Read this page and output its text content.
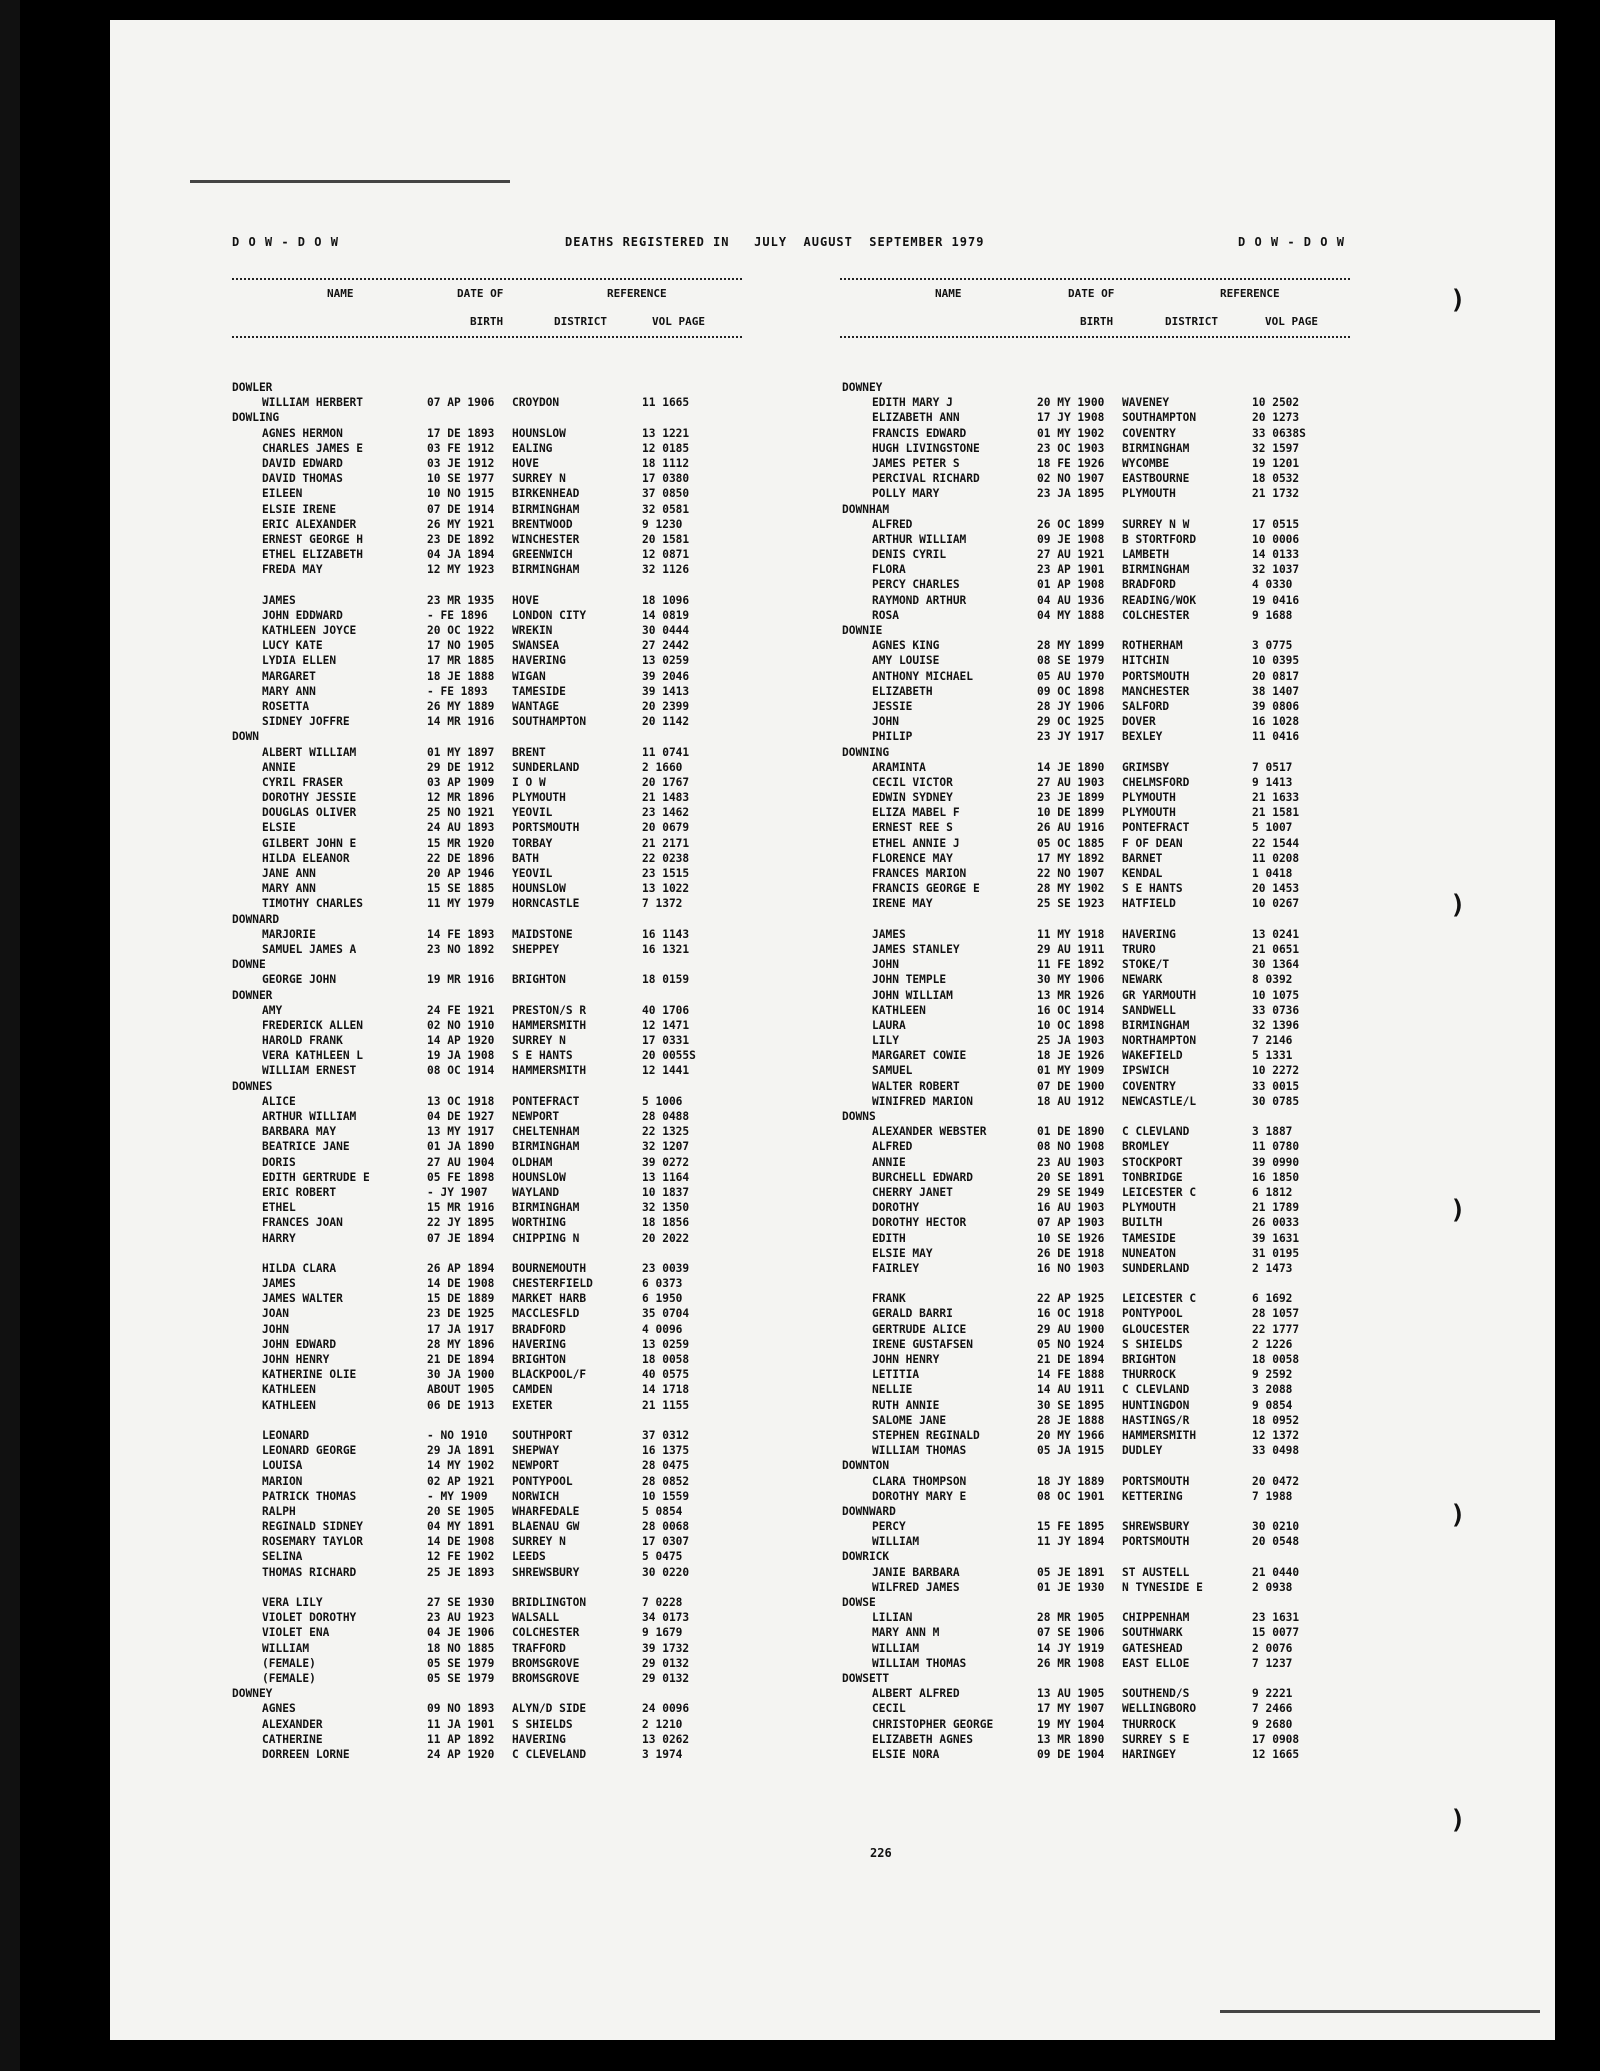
D O W - D O W	DEATHS REGISTERED IN   JULY  AUGUST  SEPTEMBER 1979	D O W - D O W
NAME	DATE OF	REFERENCE
BIRTH	DISTRICT	VOL PAGE
NAME	DATE OF	REFERENCE
BIRTH	DISTRICT	VOL PAGE
DOWLER
WILLIAM HERBERT	07 AP 1906 CROYDON	11 1665
DOWLING
AGNES HERMON	17 DE 1893 HOUNSLOW	13 1221
CHARLES JAMES E	03 FE 1912 EALING	12 0185
DAVID EDWARD	03 JE 1912 HOVE	18 1112
DAVID THOMAS	10 SE 1977 SURREY N	17 0380
EILEEN	10 NO 1915 BIRKENHEAD	37 0850
ELSIE IRENE	07 DE 1914 BIRMINGHAM	32 0581
ERIC ALEXANDER	26 MY 1921 BRENTWOOD	9 1230
ERNEST GEORGE H	23 DE 1892 WINCHESTER	20 1581
ETHEL ELIZABETH	04 JA 1894 GREENWICH	12 0871
FREDA MAY	12 MY 1923 BIRMINGHAM	32 1126
JAMES	23 MR 1935 HOVE	18 1096
JOHN EDDWARD	- FE 1896 LONDON CITY	14 0819
KATHLEEN JOYCE	20 OC 1922 WREKIN	30 0444
LUCY KATE	17 NO 1905 SWANSEA	27 2442
LYDIA ELLEN	17 MR 1885 HAVERING	13 0259
MARGARET	18 JE 1888 WIGAN	39 2046
MARY ANN	- FE 1893 TAMESIDE	39 1413
ROSETTA	26 MY 1889 WANTAGE	20 2399
SIDNEY JOFFRE	14 MR 1916 SOUTHAMPTON	20 1142
DOWN
ALBERT WILLIAM	01 MY 1897 BRENT	11 0741
ANNIE	29 DE 1912 SUNDERLAND	2 1660
CYRIL FRASER	03 AP 1909 I O W	20 1767
DOROTHY JESSIE	12 MR 1896 PLYMOUTH	21 1483
DOUGLAS OLIVER	25 NO 1921 YEOVIL	23 1462
ELSIE	24 AU 1893 PORTSMOUTH	20 0679
GILBERT JOHN E	15 MR 1920 TORBAY	21 2171
HILDA ELEANOR	22 DE 1896 BATH	22 0238
JANE ANN	20 AP 1946 YEOVIL	23 1515
MARY ANN	15 SE 1885 HOUNSLOW	13 1022
TIMOTHY CHARLES	11 MY 1979 HORNCASTLE	7 1372
DOWNARD
MARJORIE	14 FE 1893 MAIDSTONE	16 1143
SAMUEL JAMES A	23 NO 1892 SHEPPEY	16 1321
DOWNE
GEORGE JOHN	19 MR 1916 BRIGHTON	18 0159
DOWNER
AMY	24 FE 1921 PRESTON/S R	40 1706
FREDERICK ALLEN	02 NO 1910 HAMMERSMITH	12 1471
HAROLD FRANK	14 AP 1920 SURREY N	17 0331
VERA KATHLEEN L	19 JA 1908 S E HANTS	20 0055S
WILLIAM ERNEST	08 OC 1914 HAMMERSMITH	12 1441
DOWNES
ALICE	13 OC 1918 PONTEFRACT	5 1006
ARTHUR WILLIAM	04 DE 1927 NEWPORT	28 0488
BARBARA MAY	13 MY 1917 CHELTENHAM	22 1325
BEATRICE JANE	01 JA 1890 BIRMINGHAM	32 1207
DORIS	27 AU 1904 OLDHAM	39 0272
EDITH GERTRUDE E	05 FE 1898 HOUNSLOW	13 1164
ERIC ROBERT	- JY 1907 WAYLAND	10 1837
ETHEL	15 MR 1916 BIRMINGHAM	32 1350
FRANCES JOAN	22 JY 1895 WORTHING	18 1856
HARRY	07 JE 1894 CHIPPING N	20 2022
HILDA CLARA	26 AP 1894 BOURNEMOUTH	23 0039
JAMES	14 DE 1908 CHESTERFIELD	6 0373
JAMES WALTER	15 DE 1889 MARKET HARB	6 1950
JOAN	23 DE 1925 MACCLESFLD	35 0704
JOHN	17 JA 1917 BRADFORD	4 0096
JOHN EDWARD	28 MY 1896 HAVERING	13 0259
JOHN HENRY	21 DE 1894 BRIGHTON	18 0058
KATHERINE OLIE	30 JA 1900 BLACKPOOL/F	40 0575
KATHLEEN	ABOUT 1905 CAMDEN	14 1718
KATHLEEN	06 DE 1913 EXETER	21 1155
LEONARD	- NO 1910 SOUTHPORT	37 0312
LEONARD GEORGE	29 JA 1891 SHEPWAY	16 1375
LOUISA	14 MY 1902 NEWPORT	28 0475
MARION	02 AP 1921 PONTYPOOL	28 0852
PATRICK THOMAS	- MY 1909 NORWICH	10 1559
RALPH	20 SE 1905 WHARFEDALE	5 0854
REGINALD SIDNEY	04 MY 1891 BLAENAU GW	28 0068
ROSEMARY TAYLOR	14 DE 1908 SURREY N	17 0307
SELINA	12 FE 1902 LEEDS	5 0475
THOMAS RICHARD	25 JE 1893 SHREWSBURY	30 0220
VERA LILY	27 SE 1930 BRIDLINGTON	7 0228
VIOLET DOROTHY	23 AU 1923 WALSALL	34 0173
VIOLET ENA	04 JE 1906 COLCHESTER	9 1679
WILLIAM	18 NO 1885 TRAFFORD	39 1732
(FEMALE)	05 SE 1979 BROMSGROVE	29 0132
(FEMALE)	05 SE 1979 BROMSGROVE	29 0132
DOWNEY
AGNES	09 NO 1893 ALYN/D SIDE	24 0096
ALEXANDER	11 JA 1901 S SHIELDS	2 1210
CATHERINE	11 AP 1892 HAVERING	13 0262
DORREEN LORNE	24 AP 1920 C CLEVELAND	3 1974
DOWNEY
EDITH MARY J	20 MY 1900 WAVENEY	10 2502
ELIZABETH ANN	17 JY 1908 SOUTHAMPTON	20 1273
FRANCIS EDWARD	01 MY 1902 COVENTRY	33 0638S
HUGH LIVINGSTONE	23 OC 1903 BIRMINGHAM	32 1597
JAMES PETER S	18 FE 1926 WYCOMBE	19 1201
PERCIVAL RICHARD	02 NO 1907 EASTBOURNE	18 0532
POLLY MARY	23 JA 1895 PLYMOUTH	21 1732
DOWNHAM
ALFRED	26 OC 1899 SURREY N W	17 0515
ARTHUR WILLIAM	09 JE 1908 B STORTFORD	10 0006
DENIS CYRIL	27 AU 1921 LAMBETH	14 0133
FLORA	23 AP 1901 BIRMINGHAM	32 1037
PERCY CHARLES	01 AP 1908 BRADFORD	4 0330
RAYMOND ARTHUR	04 AU 1936 READING/WOK	19 0416
ROSA	04 MY 1888 COLCHESTER	9 1688
DOWNIE
AGNES KING	28 MY 1899 ROTHERHAM	3 0775
AMY LOUISE	08 SE 1979 HITCHIN	10 0395
ANTHONY MICHAEL	05 AU 1970 PORTSMOUTH	20 0817
ELIZABETH	09 OC 1898 MANCHESTER	38 1407
JESSIE	28 JY 1906 SALFORD	39 0806
JOHN	29 OC 1925 DOVER	16 1028
PHILIP	23 JY 1917 BEXLEY	11 0416
DOWNING
ARAMINTA	14 JE 1890 GRIMSBY	7 0517
CECIL VICTOR	27 AU 1903 CHELMSFORD	9 1413
EDWIN SYDNEY	23 JE 1899 PLYMOUTH	21 1633
ELIZA MABEL F	10 DE 1899 PLYMOUTH	21 1581
ERNEST REE S	26 AU 1916 PONTEFRACT	5 1007
ETHEL ANNIE J	05 OC 1885 F OF DEAN	22 1544
FLORENCE MAY	17 MY 1892 BARNET	11 0208
FRANCES MARION	22 NO 1907 KENDAL	1 0418
FRANCIS GEORGE E	28 MY 1902 S E HANTS	20 1453
IRENE MAY	25 SE 1923 HATFIELD	10 0267
JAMES	11 MY 1918 HAVERING	13 0241
JAMES STANLEY	29 AU 1911 TRURO	21 0651
JOHN	11 FE 1892 STOKE/T	30 1364
JOHN TEMPLE	30 MY 1906 NEWARK	8 0392
JOHN WILLIAM	13 MR 1926 GR YARMOUTH	10 1075
KATHLEEN	16 OC 1914 SANDWELL	33 0736
LAURA	10 OC 1898 BIRMINGHAM	32 1396
LILY	25 JA 1903 NORTHAMPTON	7 2146
MARGARET COWIE	18 JE 1926 WAKEFIELD	5 1331
SAMUEL	01 MY 1909 IPSWICH	10 2272
WALTER ROBERT	07 DE 1900 COVENTRY	33 0015
WINIFRED MARION	18 AU 1912 NEWCASTLE/L	30 0785
DOWNS
ALEXANDER WEBSTER	01 DE 1890 C CLEVLAND	3 1887
ALFRED	08 NO 1908 BROMLEY	11 0780
ANNIE	23 AU 1903 STOCKPORT	39 0990
BURCHELL EDWARD	20 SE 1891 TONBRIDGE	16 1850
CHERRY JANET	29 SE 1949 LEICESTER C	6 1812
DOROTHY	16 AU 1903 PLYMOUTH	21 1789
DOROTHY HECTOR	07 AP 1903 BUILTH	26 0033
EDITH	10 SE 1926 TAMESIDE	39 1631
ELSIE MAY	26 DE 1918 NUNEATON	31 0195
FAIRLEY	16 NO 1903 SUNDERLAND	2 1473
FRANK	22 AP 1925 LEICESTER C	6 1692
GERALD BARRI	16 OC 1918 PONTYPOOL	28 1057
GERTRUDE ALICE	29 AU 1900 GLOUCESTER	22 1777
IRENE GUSTAFSEN	05 NO 1924 S SHIELDS	2 1226
JOHN HENRY	21 DE 1894 BRIGHTON	18 0058
LETITIA	14 FE 1888 THURROCK	9 2592
NELLIE	14 AU 1911 C CLEVLAND	3 2088
RUTH ANNIE	30 SE 1895 HUNTINGDON	9 0854
SALOME JANE	28 JE 1888 HASTINGS/R	18 0952
STEPHEN REGINALD	20 MY 1966 HAMMERSMITH	12 1372
WILLIAM THOMAS	05 JA 1915 DUDLEY	33 0498
DOWNTON
CLARA THOMPSON	18 JY 1889 PORTSMOUTH	20 0472
DOROTHY MARY E	08 OC 1901 KETTERING	7 1988
DOWNWARD
PERCY	15 FE 1895 SHREWSBURY	30 0210
WILLIAM	11 JY 1894 PORTSMOUTH	20 0548
DOWRICK
JANIE BARBARA	05 JE 1891 ST AUSTELL	21 0440
WILFRED JAMES	01 JE 1930 N TYNESIDE E	2 0938
DOWSE
LILIAN	28 MR 1905 CHIPPENHAM	23 1631
MARY ANN M	07 SE 1906 SOUTHWARK	15 0077
WILLIAM	14 JY 1919 GATESHEAD	2 0076
WILLIAM THOMAS	26 MR 1908 EAST ELLOE	7 1237
DOWSETT
ALBERT ALFRED	13 AU 1905 SOUTHEND/S	9 2221
CECIL	17 MY 1907 WELLINGBORO	7 2466
CHRISTOPHER GEORGE	19 MY 1904 THURROCK	9 2680
ELIZABETH AGNES	13 MR 1890 SURREY S E	17 0908
ELSIE NORA	09 DE 1904 HARINGEY	12 1665
226
)
)
)
)
)
